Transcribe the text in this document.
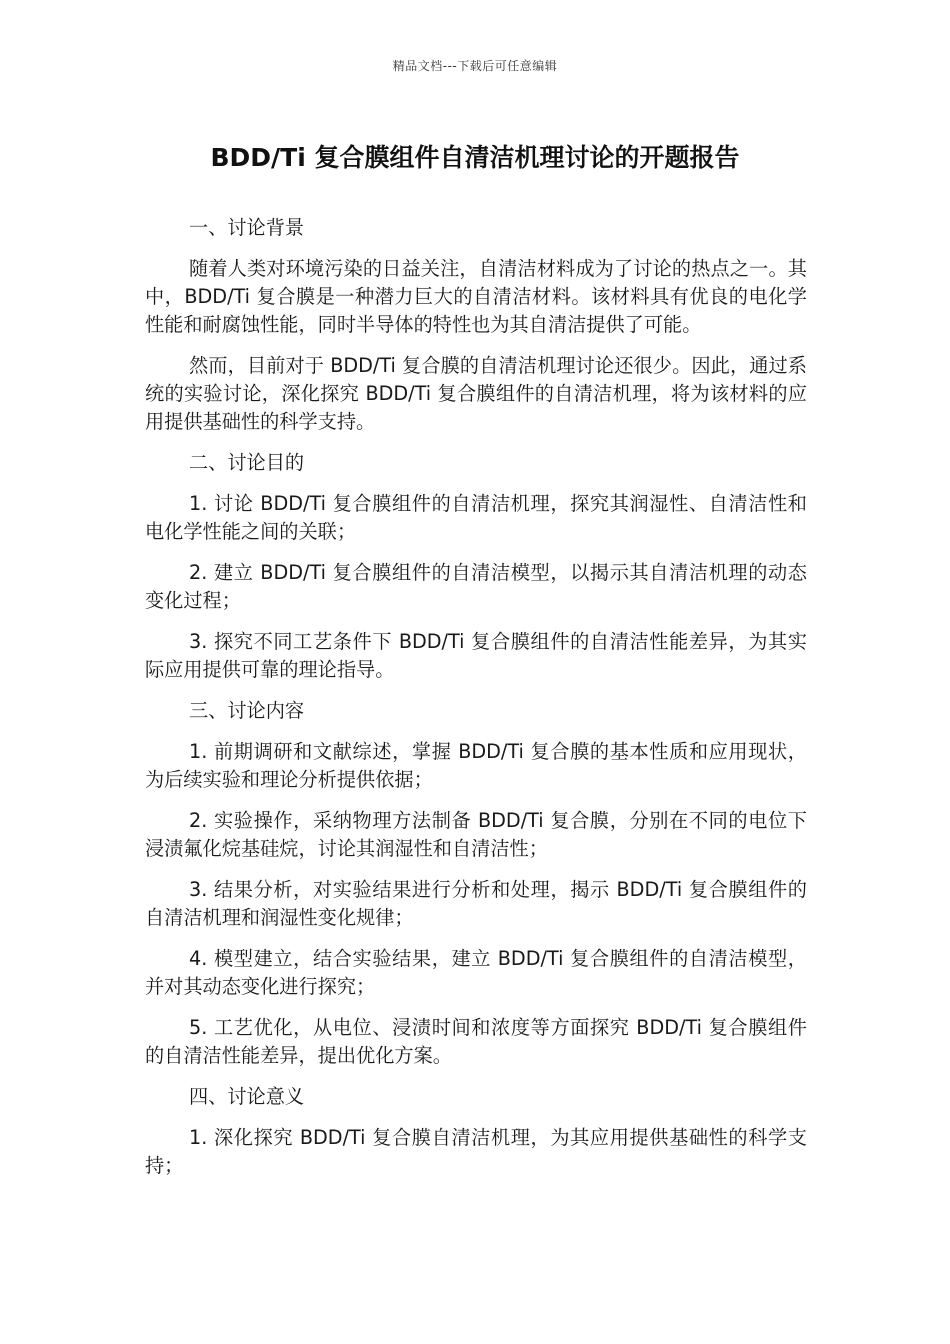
精品文档---下载后可任意编辑
BDD/Ti 复合膜组件自清洁机理讨论的开题报告

一、讨论背景

随着人类对环境污染的日益关注，自清洁材料成为了讨论的热点之一。其中，BDD/Ti 复合膜是一种潜力巨大的自清洁材料。该材料具有优良的电化学性能和耐腐蚀性能，同时半导体的特性也为其自清洁提供了可能。

然而，目前对于 BDD/Ti 复合膜的自清洁机理讨论还很少。因此，通过系统的实验讨论，深化探究 BDD/Ti 复合膜组件的自清洁机理，将为该材料的应用提供基础性的科学支持。

二、讨论目的

1. 讨论 BDD/Ti 复合膜组件的自清洁机理，探究其润湿性、自清洁性和电化学性能之间的关联；

2. 建立 BDD/Ti 复合膜组件的自清洁模型，以揭示其自清洁机理的动态变化过程；

3. 探究不同工艺条件下 BDD/Ti 复合膜组件的自清洁性能差异，为其实际应用提供可靠的理论指导。

三、讨论内容

1. 前期调研和文献综述，掌握 BDD/Ti 复合膜的基本性质和应用现状，为后续实验和理论分析提供依据；

2. 实验操作，采纳物理方法制备 BDD/Ti 复合膜，分别在不同的电位下浸渍氟化烷基硅烷，讨论其润湿性和自清洁性；

3. 结果分析，对实验结果进行分析和处理，揭示 BDD/Ti 复合膜组件的自清洁机理和润湿性变化规律；

4. 模型建立，结合实验结果，建立 BDD/Ti 复合膜组件的自清洁模型，并对其动态变化进行探究；

5. 工艺优化，从电位、浸渍时间和浓度等方面探究 BDD/Ti 复合膜组件的自清洁性能差异，提出优化方案。

四、讨论意义

1. 深化探究 BDD/Ti 复合膜自清洁机理，为其应用提供基础性的科学支持；
